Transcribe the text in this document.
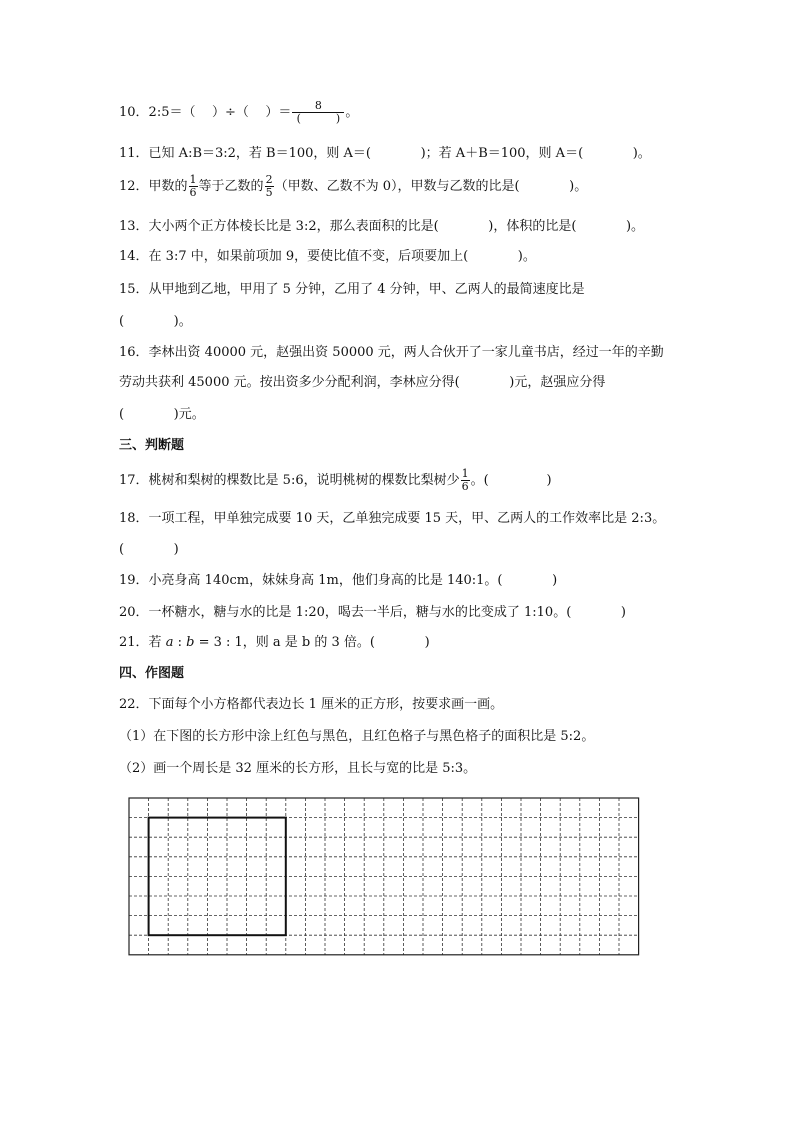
10．2:5＝（    ）÷（    ）＝ $\frac{8}{( )}$ 。
11．已知 A:B＝3:2，若 B＝100，则 A＝(            )；若 A＋B＝100，则 A＝(            )。
12．甲数的 $\frac{1}{6}$ 等于乙数的 $\frac{2}{5}$ （甲数、乙数不为 0），甲数与乙数的比是(            )。
13．大小两个正方体棱长比是 3:2，那么表面积的比是(            )，体积的比是(            )。
14．在 3:7 中，如果前项加 9，要使比值不变，后项要加上(            )。
15．从甲地到乙地，甲用了 5 分钟，乙用了 4 分钟，甲、乙两人的最简速度比是
(            )。
16．李林出资 40000 元，赵强出资 50000 元，两人合伙开了一家儿童书店，经过一年的辛勤
劳动共获利 45000 元。按出资多少分配利润，李林应分得(            )元，赵强应分得
(            )元。
三、判断题
17．桃树和梨树的棵数比是 5:6，说明桃树的棵数比梨树少 $\frac{1}{6}$ 。(              )
18．一项工程，甲单独完成要 10 天，乙单独完成要 15 天，甲、乙两人的工作效率比是 2:3。
(            )
19．小亮身高 140cm，妹妹身高 1m，他们身高的比是 140:1。(            )
20．一杯糖水，糖与水的比是 1:20，喝去一半后，糖与水的比变成了 1:10。(            )
21．若 a : b = 3 : 1，则 a 是 b 的 3 倍。(            )
四、作图题
22．下面每个小方格都代表边长 1 厘米的正方形，按要求画一画。
（1）在下图的长方形中涂上红色与黑色，且红色格子与黑色格子的面积比是 5:2。
（2）画一个周长是 32 厘米的长方形，且长与宽的比是 5:3。
